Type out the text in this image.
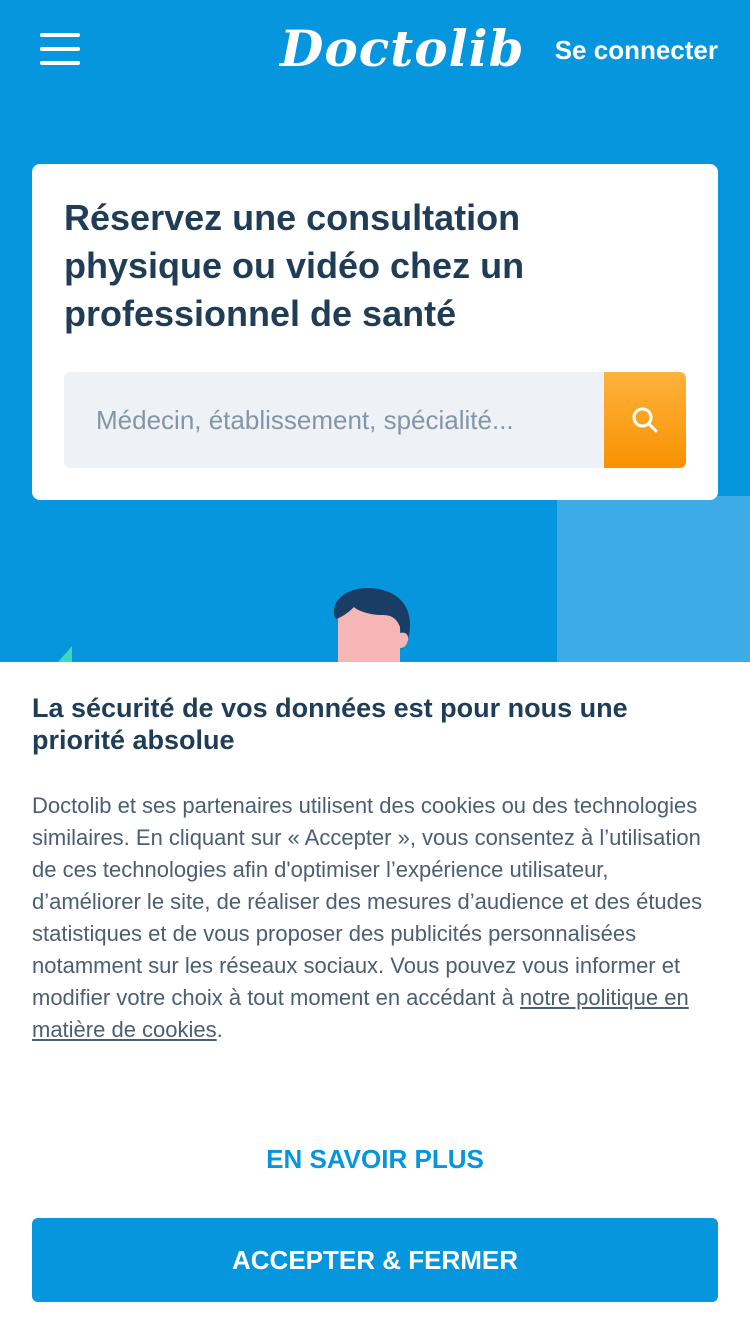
Doctolib Se connecter
Réservez une consultation physique ou vidéo chez un professionnel de santé
Médecin, établissement, spécialité...
La sécurité de vos données est pour nous une priorité absolue

Doctolib et ses partenaires utilisent des cookies ou des technologies similaires. En cliquant sur « Accepter », vous consentez à l’utilisation de ces technologies afin d'optimiser l’expérience utilisateur, d’améliorer le site, de réaliser des mesures d’audience et des études statistiques et de vous proposer des publicités personnalisées notamment sur les réseaux sociaux. Vous pouvez vous informer et modifier votre choix à tout moment en accédant à notre politique en matière de cookies.

EN SAVOIR PLUS
ACCEPTER & FERMER
